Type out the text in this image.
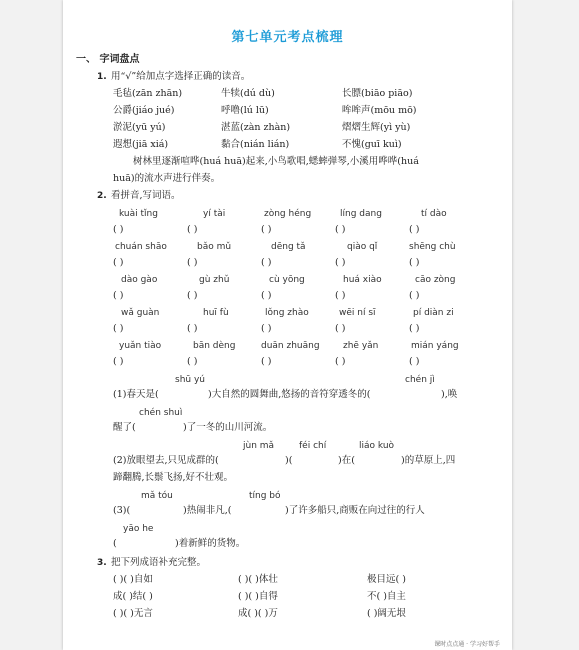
第七单元考点梳理
一、 字词盘点
1. 用“√”给加点字选择正确的读音。
毛毡(zān zhān)	牛犊(dú dù)	长膘(biāo piāo)
公爵(jiáo jué)	呼噜(lú lū)	哞哞声(mōu mō)
淤泥(yū yú)	湛蓝(zàn zhàn)	熠熠生辉(yì yù)
遐想(jiā xiá)	黏合(nián lián)	不愧(guī kuì)
树林里逐渐喧哗(huá huā)起来,小鸟歌唱,蟋蟀弹琴,小溪用哗哗(huá
huā)的流水声进行伴奏。
2. 看拼音,写词语。
kuài tǐng	yí tài	zòng héng	líng dang	tí dào
( )	( )	( )	( )	( )
chuán shāo	bǎo mǔ	dēng tǎ	qiào qǐ	shēng chù
( )	( )	( )	( )	( )
dào gào	gù zhǔ	cù yōng	huá xiào	cāo zòng
( )	( )	( )	( )	( )
wǎ guàn	huī fù	lǒng zhào	wēi ní sī	pí diàn zi
( )	( )	( )	( )	( )
yuǎn tiào	bān dèng	duān zhuāng	zhē yǎn	mián yáng
( )	( )	( )	( )	( )
shū yú	chén jì
(1)春天是(	)大自然的圆舞曲,悠扬的音符穿透冬的(	),唤
chén shuì
醒了(	)了一冬的山川河流。
jùn mǎ	féi chí	liáo kuò
(2)放眼望去,只见成群的(	)(	)在(	)的草原上,四
蹄翻腾,长鬃飞扬,好不壮观。
mǎ tóu	tíng bó
(3)(	)热闹非凡,(	)了许多船只,商贩在向过往的行人
yāo he
(	)着新鲜的货物。
3. 把下列成语补充完整。
( )( )自如	( )( )体壮	极目远( )
成( )结( )	( )( )自得	不( )自主
( )( )无言	成( )( )万	( )阔无垠
课时点点通 · 学习好帮手
